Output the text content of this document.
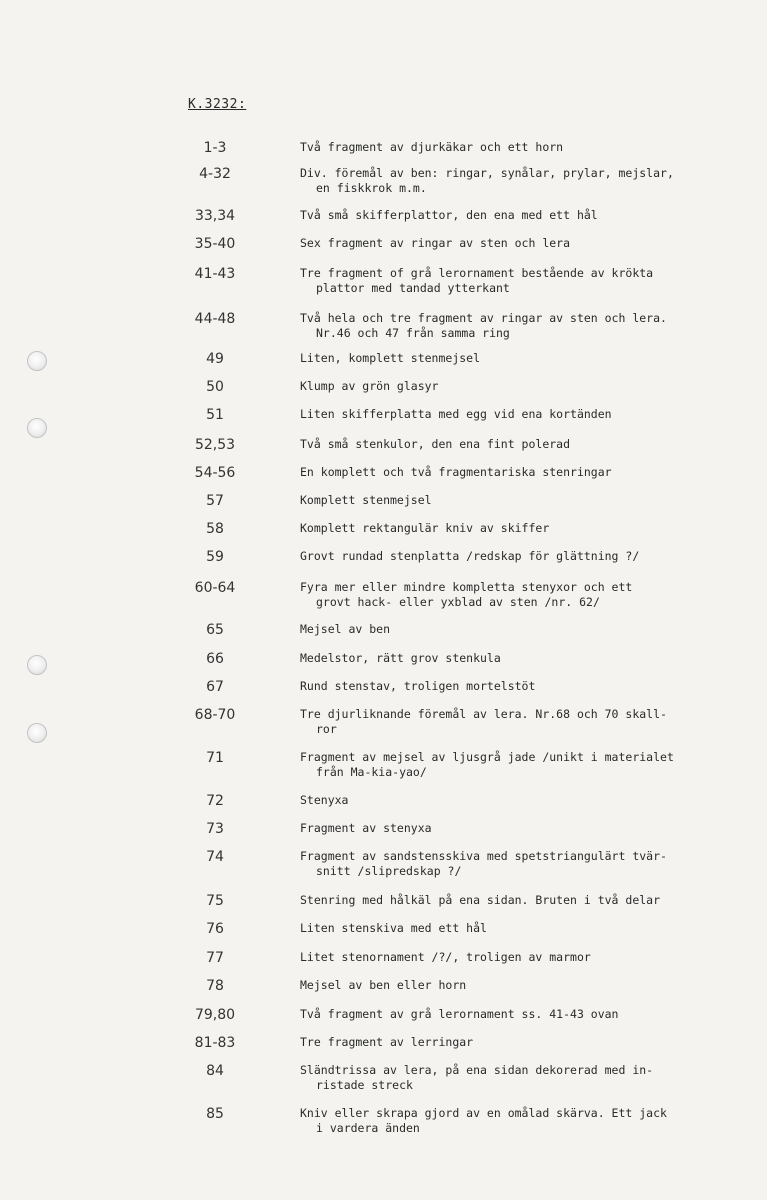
K.3232:
1-3	Två fragment av djurkäkar och ett horn
4-32	Div. föremål av ben: ringar, synålar, prylar, mejslar,
en fiskkrok m.m.
33,34	Två små skifferplattor, den ena med ett hål
35-40	Sex fragment av ringar av sten och lera
41-43	Tre fragment of grå lerornament bestående av krökta
plattor med tandad ytterkant
44-48	Två hela och tre fragment av ringar av sten och lera.
Nr.46 och 47 från samma ring
49	Liten, komplett stenmejsel
50	Klump av grön glasyr
51	Liten skifferplatta med egg vid ena kortänden
52,53	Två små stenkulor, den ena fint polerad
54-56	En komplett och två fragmentariska stenringar
57	Komplett stenmejsel
58	Komplett rektangulär kniv av skiffer
59	Grovt rundad stenplatta /redskap för glättning ?/
60-64	Fyra mer eller mindre kompletta stenyxor och ett
grovt hack- eller yxblad av sten /nr. 62/
65	Mejsel av ben
66	Medelstor, rätt grov stenkula
67	Rund stenstav, troligen mortelstöt
68-70	Tre djurliknande föremål av lera. Nr.68 och 70 skall-
ror
71	Fragment av mejsel av ljusgrå jade /unikt i materialet
från Ma-kia-yao/
72	Stenyxa
73	Fragment av stenyxa
74	Fragment av sandstensskiva med spetstriangulärt tvär-
snitt /slipredskap ?/
75	Stenring med hålkäl på ena sidan. Bruten i två delar
76	Liten stenskiva med ett hål
77	Litet stenornament /?/, troligen av marmor
78	Mejsel av ben eller horn
79,80	Två fragment av grå lerornament ss. 41-43 ovan
81-83	Tre fragment av lerringar
84	Sländtrissa av lera, på ena sidan dekorerad med in-
ristade streck
85	Kniv eller skrapa gjord av en omålad skärva. Ett jack
i vardera änden
